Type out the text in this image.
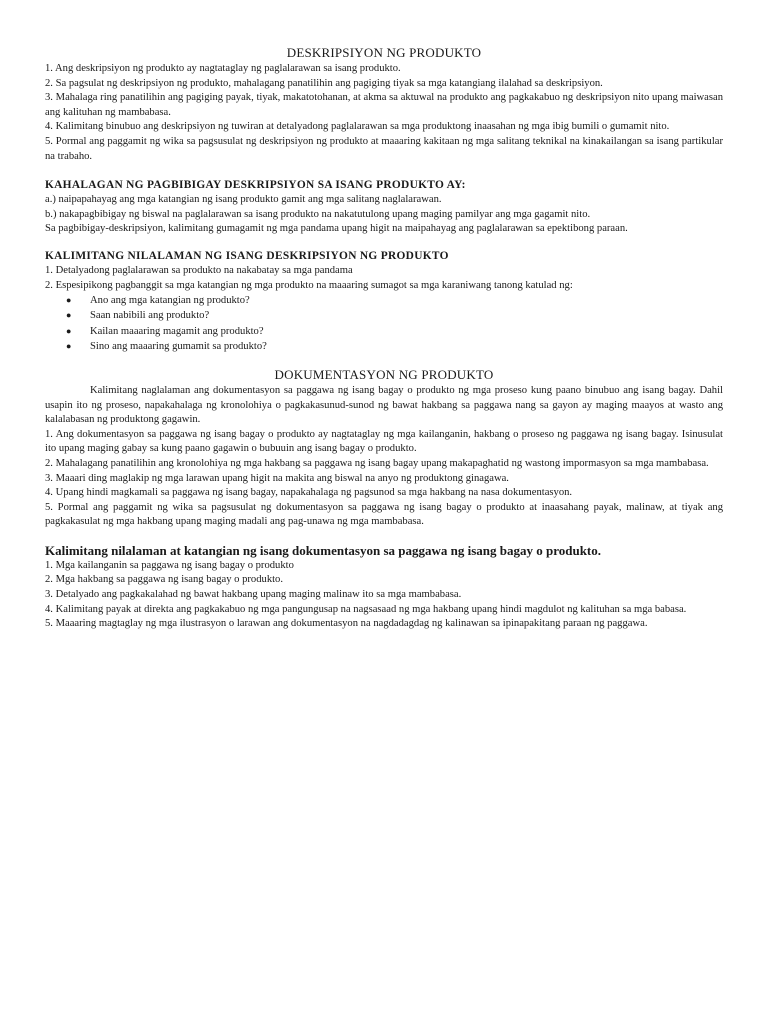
DESKRIPSIYON NG PRODUKTO

1. Ang deskripsiyon ng produkto ay nagtataglay ng paglalarawan sa isang produkto.

2. Sa pagsulat ng deskripsiyon ng produkto, mahalagang panatilihin ang pagiging tiyak sa mga katangiang ilalahad sa deskripsiyon.

3. Mahalaga ring panatilihin ang pagiging payak, tiyak, makatotohanan, at akma sa aktuwal na produkto ang pagkakabuo ng deskripsiyon nito upang maiwasan ang kalituhan ng mambabasa.

4. Kalimitang binubuo ang deskripsiyon ng tuwiran at detalyadong paglalarawan sa mga produktong inaasahan ng mga ibig bumili o gumamit nito.

5. Pormal ang paggamit ng wika sa pagsusulat ng deskripsiyon ng produkto at maaaring kakitaan ng mga salitang teknikal na kinakailangan sa isang partikular na trabaho.

KAHALAGAN NG PAGBIBIGAY DESKRIPSIYON SA ISANG PRODUKTO AY:

a.) naipapahayag ang mga katangian ng isang produkto gamit ang mga salitang naglalarawan.

b.) nakapagbibigay ng biswal na paglalarawan sa isang produkto na nakatutulong upang maging pamilyar ang mga gagamit nito.

Sa pagbibigay-deskripsiyon, kalimitang gumagamit ng mga pandama upang higit na maipahayag ang paglalarawan sa epektibong paraan.

KALIMITANG NILALAMAN NG ISANG DESKRIPSIYON NG PRODUKTO

1. Detalyadong paglalarawan sa produkto na nakabatay sa mga pandama

2. Espesipikong pagbanggit sa mga katangian ng mga produkto na maaaring sumagot sa mga karaniwang tanong katulad ng:

● Ano ang mga katangian ng produkto?
● Saan nabibili ang produkto?
● Kailan maaaring magamit ang produkto?
● Sino ang maaaring gumamit sa produkto?
DOKUMENTASYON NG PRODUKTO

Kalimitang naglalaman ang dokumentasyon sa paggawa ng isang bagay o produkto ng mga proseso kung paano binubuo ang isang bagay. Dahil usapin ito ng proseso, napakahalaga ng kronolohiya o pagkakasunud-sunod ng bawat hakbang sa paggawa nang sa gayon ay maging maayos at wasto ang kalalabasan ng produktong gagawin.

1. Ang dokumentasyon sa paggawa ng isang bagay o produkto ay nagtataglay ng mga kailanganin, hakbang o proseso ng paggawa ng isang bagay. Isinusulat ito upang maging gabay sa kung paano gagawin o bubuuin ang isang bagay o produkto.

2. Mahalagang panatilihin ang kronolohiya ng mga hakbang sa paggawa ng isang bagay upang makapaghatid ng wastong impormasyon sa mga mambabasa.

3. Maaari ding maglakip ng mga larawan upang higit na makita ang biswal na anyo ng produktong ginagawa.

4. Upang hindi magkamali sa paggawa ng isang bagay, napakahalaga ng pagsunod sa mga hakbang na nasa dokumentasyon.

5. Pormal ang paggamit ng wika sa pagsusulat ng dokumentasyon sa paggawa ng isang bagay o produkto at inaasahang payak, malinaw, at tiyak ang pagkakasulat ng mga hakbang upang maging madali ang pag-unawa ng mga mambabasa.

Kalimitang nilalaman at katangian ng isang dokumentasyon sa paggawa ng isang bagay o produkto.

1. Mga kailanganin sa paggawa ng isang bagay o produkto

2. Mga hakbang sa paggawa ng isang bagay o produkto.

3. Detalyado ang pagkakalahad ng bawat hakbang upang maging malinaw ito sa mga mambabasa.

4. Kalimitang payak at direkta ang pagkakabuo ng mga pangungusap na nagsasaad ng mga hakbang upang hindi magdulot ng kalituhan sa mga babasa.

5. Maaaring magtaglay ng mga ilustrasyon o larawan ang dokumentasyon na nagdadagdag ng kalinawan sa ipinapakitang paraan ng paggawa.
